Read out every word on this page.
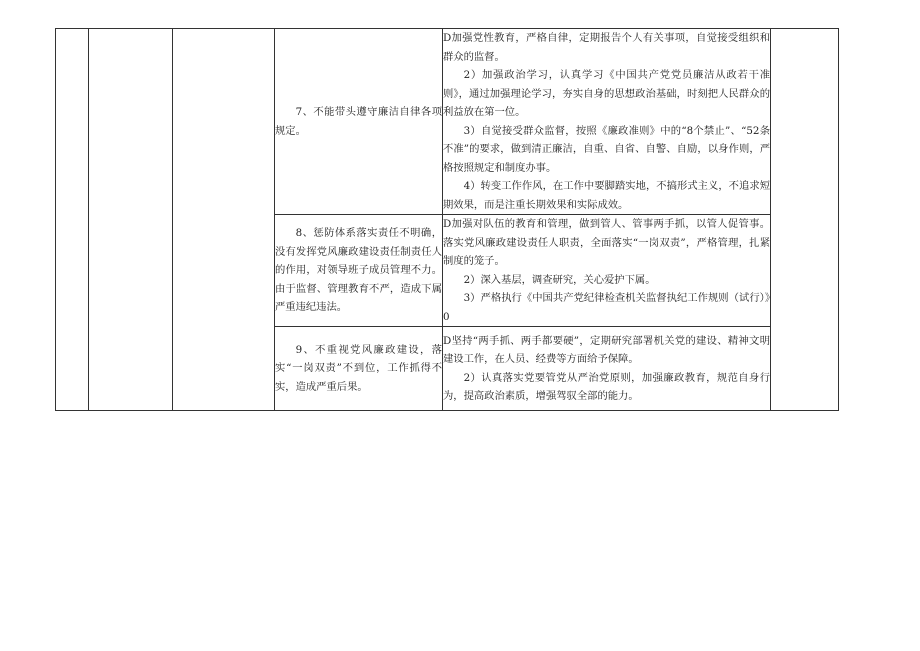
			7、不能带头遵守廉洁自律各项规定。	D加强党性教育，严格自律，定期报告个人有关事项，自觉接受组织和群众的监督。

2）加强政治学习，认真学习《中国共产党党员廉洁从政若干准则》，通过加强理论学习，夯实自身的思想政治基础，时刻把人民群众的利益放在第一位。

3）自觉接受群众监督，按照《廉政准则》中的“8个禁止”、“52条不准”的要求，做到清正廉洁，自重、自省、自警、自励，以身作则，严格按照规定和制度办事。

4）转变工作作风，在工作中要脚踏实地，不搞形式主义，不追求短期效果，而是注重长期效果和实际成效。	

			8、惩防体系落实责任不明确，没有发挥党风廉政建设责任制责任人的作用，对领导班子成员管理不力。由于监督、管理教育不严，造成下属严重违纪违法。	D加强对队伍的教育和管理，做到管人、管事两手抓，以管人促管事。落实党风廉政建设责任人职责，全面落实“一岗双责”，严格管理，扎紧制度的笼子。

2）深入基层，调查研究，关心爱护下属。

3）严格执行《中国共产党纪律检查机关监督执纪工作规则（试行）》0	

			9、不重视党风廉政建设，落实“一岗双责”不到位，工作抓得不实，造成严重后果。	D坚持“两手抓、两手都要硬”，定期研究部署机关党的建设、精神文明建设工作，在人员、经费等方面给予保障。

2）认真落实党要管党从严治党原则，加强廉政教育，规范自身行为，提高政治素质，增强驾驭全部的能力。	
